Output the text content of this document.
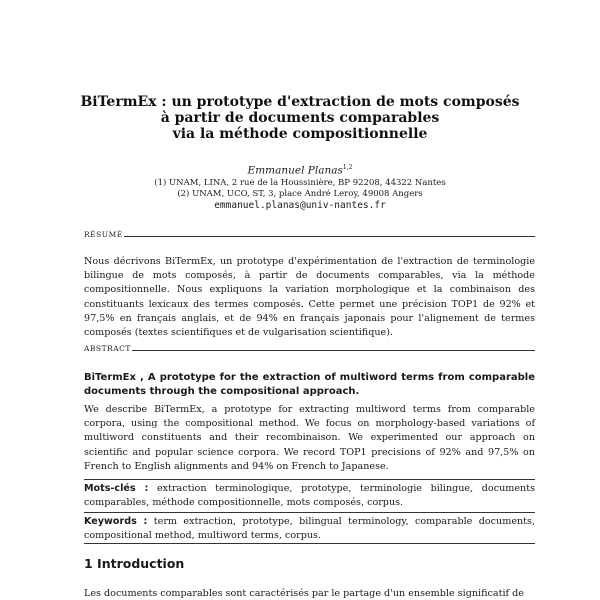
BiTermEx : un prototype d'extraction de mots composés
à partir de documents comparables
via la méthode compositionnelle
Emmanuel Planas$^{1,2}$
(1) UNAM, LINA, 2 rue de la Houssinière, BP 92208, 44322 Nantes
(2) UNAM, UCO, ST, 3, place André Leroy, 49008 Angers
emmanuel.planas@univ-nantes.fr
RÉSUMÉ
Nous décrivons BiTermEx, un prototype d'expérimentation de l'extraction de terminologie bilingue de mots composés, à partir de documents comparables, via la méthode compositionnelle. Nous expliquons la variation morphologique et la combinaison des constituants lexicaux des termes composés. Cette permet une précision TOP1 de 92% et 97,5% en français anglais, et de 94% en français japonais pour l'alignement de termes composés (textes scientifiques et de vulgarisation scientifique).
ABSTRACT
BiTermEx , A prototype for the extraction of multiword terms from comparable documents through the compositional approach.
We describe BiTermEx, a prototype for extracting multiword terms from comparable corpora, using the compositional method. We focus on morphology-based variations of multiword constituents and their recombinaison. We experimented our approach on scientific and popular science corpora. We record TOP1 precisions of 92% and 97,5% on French to English alignments and 94% on French to Japanese.
Mots-clés : extraction terminologique, prototype, terminologie bilingue, documents comparables, méthode compositionnelle, mots composés, corpus.
Keywords : term extraction, prototype, bilingual terminology, comparable documents, compositional method, multiword terms, corpus.
1 Introduction
Les documents comparables sont caractérisés par le partage d'un ensemble significatif de
